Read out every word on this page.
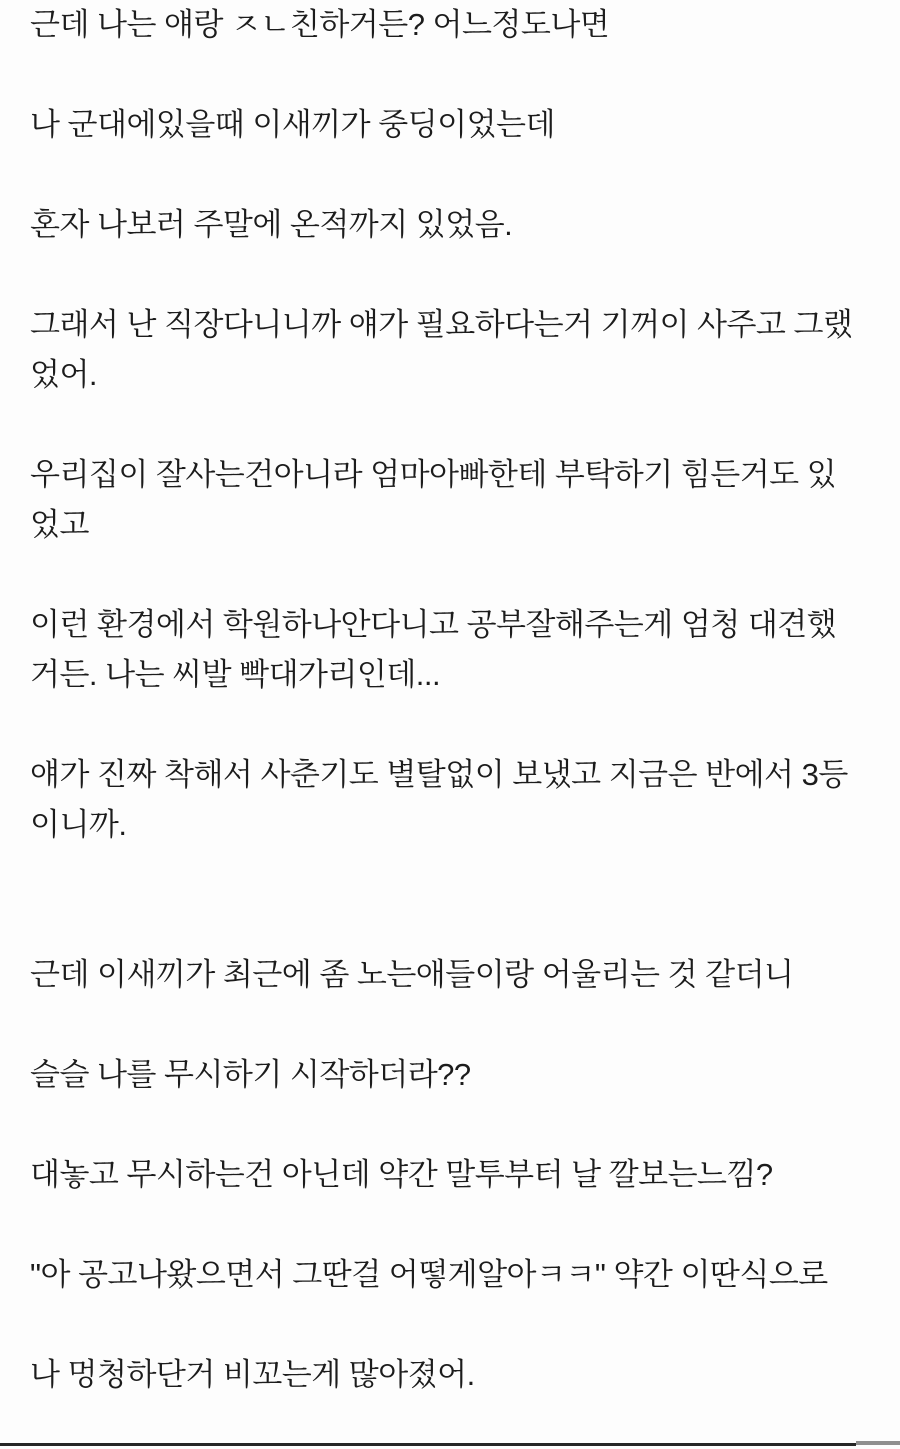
근데 나는 얘랑 ㅈㄴ친하거든? 어느정도나면
나 군대에있을때 이새끼가 중딩이었는데
혼자 나보러 주말에 온적까지 있었음.
그래서 난 직장다니니까 얘가 필요하다는거 기꺼이 사주고 그랬
었어.
우리집이 잘사는건아니라 엄마아빠한테 부탁하기 힘든거도 있
었고
이런 환경에서 학원하나안다니고 공부잘해주는게 엄청 대견했
거든. 나는 씨발 빡대가리인데...
얘가 진짜 착해서 사춘기도 별탈없이 보냈고 지금은 반에서 3등
이니까.
근데 이새끼가 최근에 좀 노는애들이랑 어울리는 것 같더니
슬슬 나를 무시하기 시작하더라??
대놓고 무시하는건 아닌데 약간 말투부터 날 깔보는느낌?
"아 공고나왔으면서 그딴걸 어떻게알아ㅋㅋ" 약간 이딴식으로
나 멍청하단거 비꼬는게 많아졌어.
